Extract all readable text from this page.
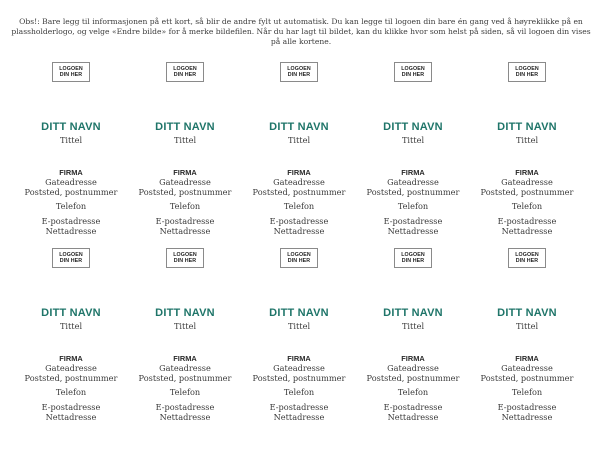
Obs!: Bare legg til informasjonen på ett kort, så blir de andre fylt ut automatisk. Du kan legge til logoen din bare én gang ved å høyreklikke på en plassholderlogo, og velge «Endre bilde» for å merke bildefilen. Når du har lagt til bildet, kan du klikke hvor som helst på siden, så vil logoen din vises på alle kortene.
LOGOEN
DIN HER
DITT NAVN
Tittel
FIRMA
Gateadresse
Poststed, postnummer
Telefon
E-postadresse
Nettadresse
LOGOEN
DIN HER
DITT NAVN
Tittel
FIRMA
Gateadresse
Poststed, postnummer
Telefon
E-postadresse
Nettadresse
LOGOEN
DIN HER
DITT NAVN
Tittel
FIRMA
Gateadresse
Poststed, postnummer
Telefon
E-postadresse
Nettadresse
LOGOEN
DIN HER
DITT NAVN
Tittel
FIRMA
Gateadresse
Poststed, postnummer
Telefon
E-postadresse
Nettadresse
LOGOEN
DIN HER
DITT NAVN
Tittel
FIRMA
Gateadresse
Poststed, postnummer
Telefon
E-postadresse
Nettadresse
LOGOEN
DIN HER
DITT NAVN
Tittel
FIRMA
Gateadresse
Poststed, postnummer
Telefon
E-postadresse
Nettadresse
LOGOEN
DIN HER
DITT NAVN
Tittel
FIRMA
Gateadresse
Poststed, postnummer
Telefon
E-postadresse
Nettadresse
LOGOEN
DIN HER
DITT NAVN
Tittel
FIRMA
Gateadresse
Poststed, postnummer
Telefon
E-postadresse
Nettadresse
LOGOEN
DIN HER
DITT NAVN
Tittel
FIRMA
Gateadresse
Poststed, postnummer
Telefon
E-postadresse
Nettadresse
LOGOEN
DIN HER
DITT NAVN
Tittel
FIRMA
Gateadresse
Poststed, postnummer
Telefon
E-postadresse
Nettadresse
